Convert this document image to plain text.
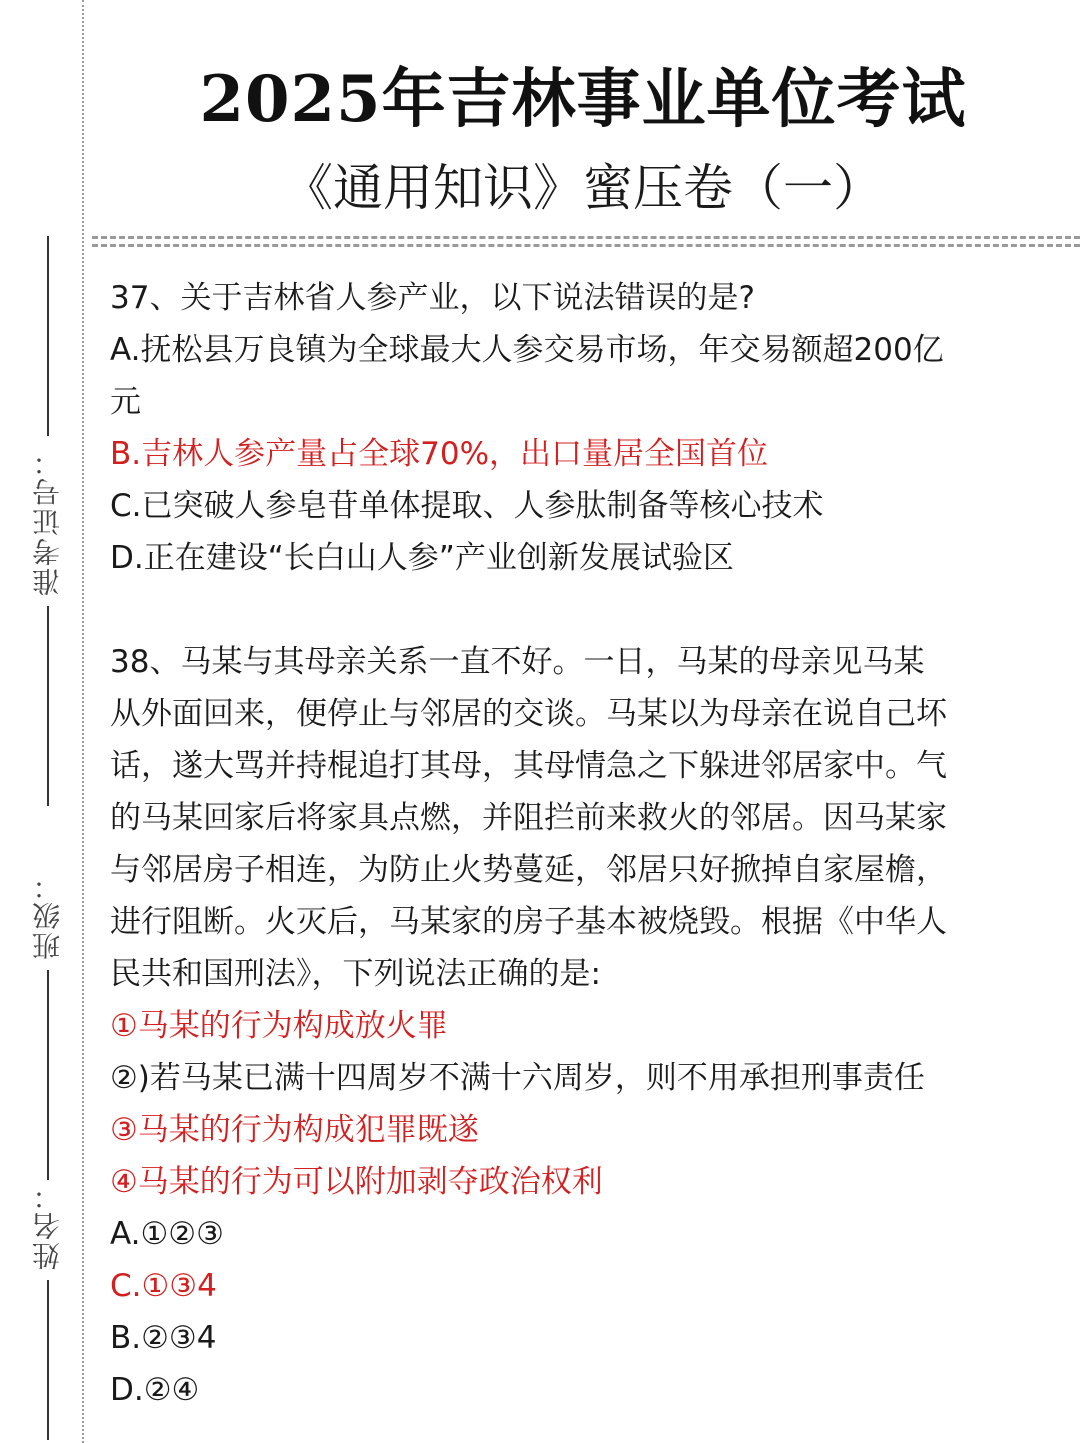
准考证号：
班级：
姓名：
2025年吉林事业单位考试
《通用知识》蜜压卷（一）

37、关于吉林省人参产业，以下说法错误的是?

A.抚松县万良镇为全球最大人参交易市场，年交易额超200亿

元

B.吉林人参产量占全球70%，出口量居全国首位

C.已突破人参皂苷单体提取、人参肽制备等核心技术

D.正在建设“长白山人参”产业创新发展试验区

38、马某与其母亲关系一直不好。一日，马某的母亲见马某

从外面回来，便停止与邻居的交谈。马某以为母亲在说自己坏

话，遂大骂并持棍追打其母，其母情急之下躲进邻居家中。气

的马某回家后将家具点燃，并阻拦前来救火的邻居。因马某家

与邻居房子相连，为防止火势蔓延，邻居只好掀掉自家屋檐，

进行阻断。火灭后，马某家的房子基本被烧毁。根据《中华人

民共和国刑法》，下列说法正确的是:

①马某的行为构成放火罪

②)若马某已满十四周岁不满十六周岁，则不用承担刑事责任

③马某的行为构成犯罪既遂

④马某的行为可以附加剥夺政治权利

A.①②③

C.①③4

B.②③4

D.②④
